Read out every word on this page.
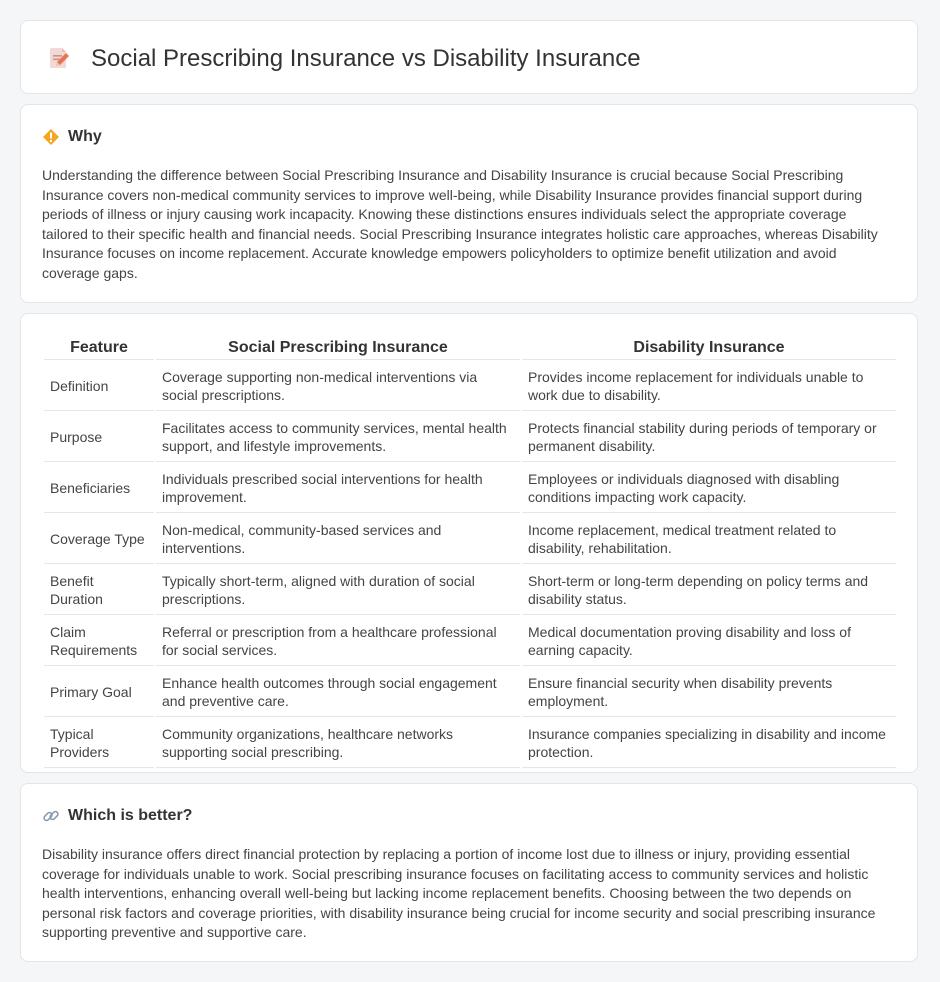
Social Prescribing Insurance vs Disability Insurance
Why

Understanding the difference between Social Prescribing Insurance and Disability Insurance is crucial because Social Prescribing Insurance covers non-medical community services to improve well-being, while Disability Insurance provides financial support during periods of illness or injury causing work incapacity. Knowing these distinctions ensures individuals select the appropriate coverage tailored to their specific health and financial needs. Social Prescribing Insurance integrates holistic care approaches, whereas Disability Insurance focuses on income replacement. Accurate knowledge empowers policyholders to optimize benefit utilization and avoid coverage gaps.

Feature	Social Prescribing Insurance	Disability Insurance
Definition	Coverage supporting non-medical interventions via social prescriptions.	Provides income replacement for individuals unable to work due to disability.
Purpose	Facilitates access to community services, mental health support, and lifestyle improvements.	Protects financial stability during periods of temporary or permanent disability.
Beneficiaries	Individuals prescribed social interventions for health improvement.	Employees or individuals diagnosed with disabling conditions impacting work capacity.
Coverage Type	Non-medical, community-based services and interventions.	Income replacement, medical treatment related to disability, rehabilitation.
Benefit Duration	Typically short-term, aligned with duration of social prescriptions.	Short-term or long-term depending on policy terms and disability status.
Claim Requirements	Referral or prescription from a healthcare professional for social services.	Medical documentation proving disability and loss of earning capacity.
Primary Goal	Enhance health outcomes through social engagement and preventive care.	Ensure financial security when disability prevents employment.
Typical Providers	Community organizations, healthcare networks supporting social prescribing.	Insurance companies specializing in disability and income protection.
Which is better?

Disability insurance offers direct financial protection by replacing a portion of income lost due to illness or injury, providing essential coverage for individuals unable to work. Social prescribing insurance focuses on facilitating access to community services and holistic health interventions, enhancing overall well-being but lacking income replacement benefits. Choosing between the two depends on personal risk factors and coverage priorities, with disability insurance being crucial for income security and social prescribing insurance supporting preventive and supportive care.
